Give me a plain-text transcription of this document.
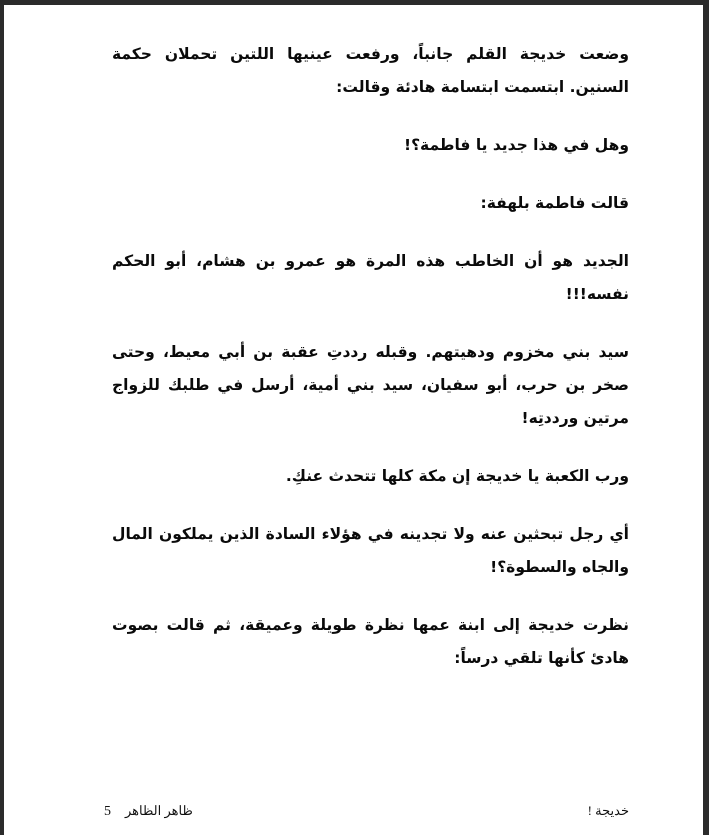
وضعت خديجة القلم جانباً، ورفعت عينيها اللتين تحملان حكمة السنين. ابتسمت ابتسامة هادئة وقالت:

وهل في هذا جديد يا فاطمة؟!

قالت فاطمة بلهفة:

الجديد هو أن الخاطب هذه المرة هو عمرو بن هشام، أبو الحكم نفسه!!!

سيد بني مخزوم ودهيتهم. وقبله رددتِ عقبة بن أبي معيط، وحتى صخر بن حرب، أبو سفيان، سيد بني أمية، أرسل في طلبك للزواج مرتين ورددتِه!

ورب الكعبة يا خديجة إن مكة كلها تتحدث عنكِ.

أي رجل تبحثين عنه ولا تجدينه في هؤلاء السادة الذين يملكون المال والجاه والسطوة؟!

نظرت خديجة إلى ابنة عمها نظرة طويلة وعميقة، ثم قالت بصوت هادئ كأنها تلقي درساً:

خديجة !
5 ظاهر الظاهر
